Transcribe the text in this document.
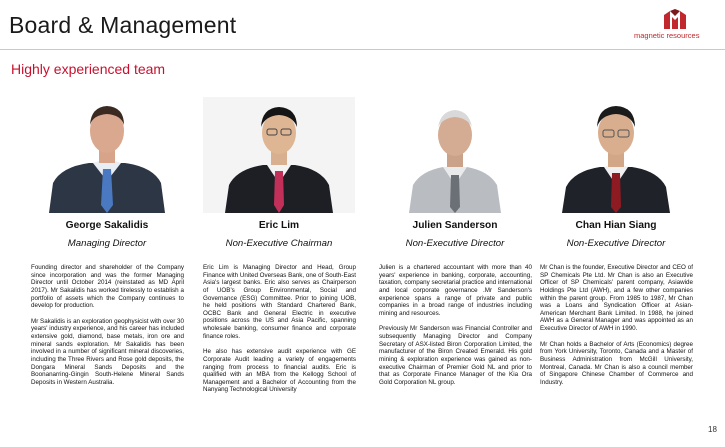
Board & Management	magnetic resources
Highly experienced team
George Sakalidis
Managing Director

Founding director and shareholder of the Company since incorporation and was the former Managing Director until October 2014 (reinstated as MD April 2017). Mr Sakalidis has worked tirelessly to establish a portfolio of assets which the Company continues to develop for production.

Mr Sakalidis is an exploration geophysicist with over 30 years' industry experience, and his career has included extensive gold, diamond, base metals, iron ore and mineral sands exploration. Mr Sakalidis has been involved in a number of significant mineral discoveries, including the Three Rivers and Rose gold deposits, the Dongara Mineral Sands Deposits and the Boonanarring-Gingin South-Helene Mineral Sands Deposits in Western Australia.

Eric Lim
Non-Executive Chairman

Eric Lim is Managing Director and Head, Group Finance with United Overseas Bank, one of South-East Asia's largest banks. Eric also serves as Chairperson of UOB's Group Environmental, Social and Governance (ESG) Committee. Prior to joining UOB, he held positions with Standard Chartered Bank, OCBC Bank and General Electric in executive positions across the US and Asia Pacific, spanning wholesale banking, consumer finance and corporate finance roles.

He also has extensive audit experience with GE Corporate Audit leading a variety of engagements ranging from process to financial audits. Eric is qualified with an MBA from the Kellogg School of Management and a Bachelor of Accounting from the Nanyang Technological University

Julien Sanderson
Non-Executive Director

Julien is a chartered accountant with more than 40 years' experience in banking, corporate, accounting, taxation, company secretarial practice and international and local corporate governance .Mr Sanderson's experience spans a range of private and public companies in a broad range of industries including mining and resources.

Previously Mr Sanderson was Financial Controller and subsequently Managing Director and Company Secretary of ASX-listed Biron Corporation Limited, the manufacturer of the Biron Created Emerald. His gold mining & exploration experience was gained as non-executive Chairman of Premier Gold NL and prior to that as Corporate Finance Manager of the Kia Ora Gold Corporation NL group.

Chan Hian Siang
Non-Executive Director

Mr Chan is the founder, Executive Director and CEO of SP Chemicals Pte Ltd. Mr Chan is also an Executive Officer of SP Chemicals' parent company, Asiawide Holdings Pte Ltd (AWH), and a few other companies within the parent group. From 1985 to 1987, Mr Chan was a Loans and Syndication Officer at Asian-American Merchant Bank Limited. In 1988, he joined AWH as a General Manager and was appointed as an Executive Director of AWH in 1990.

Mr Chan holds a Bachelor of Arts (Economics) degree from York University, Toronto, Canada and a Master of Business Administration from McGill University, Montreal, Canada. Mr Chan is also a council member of Singapore Chinese Chamber of Commerce and Industry.

18
